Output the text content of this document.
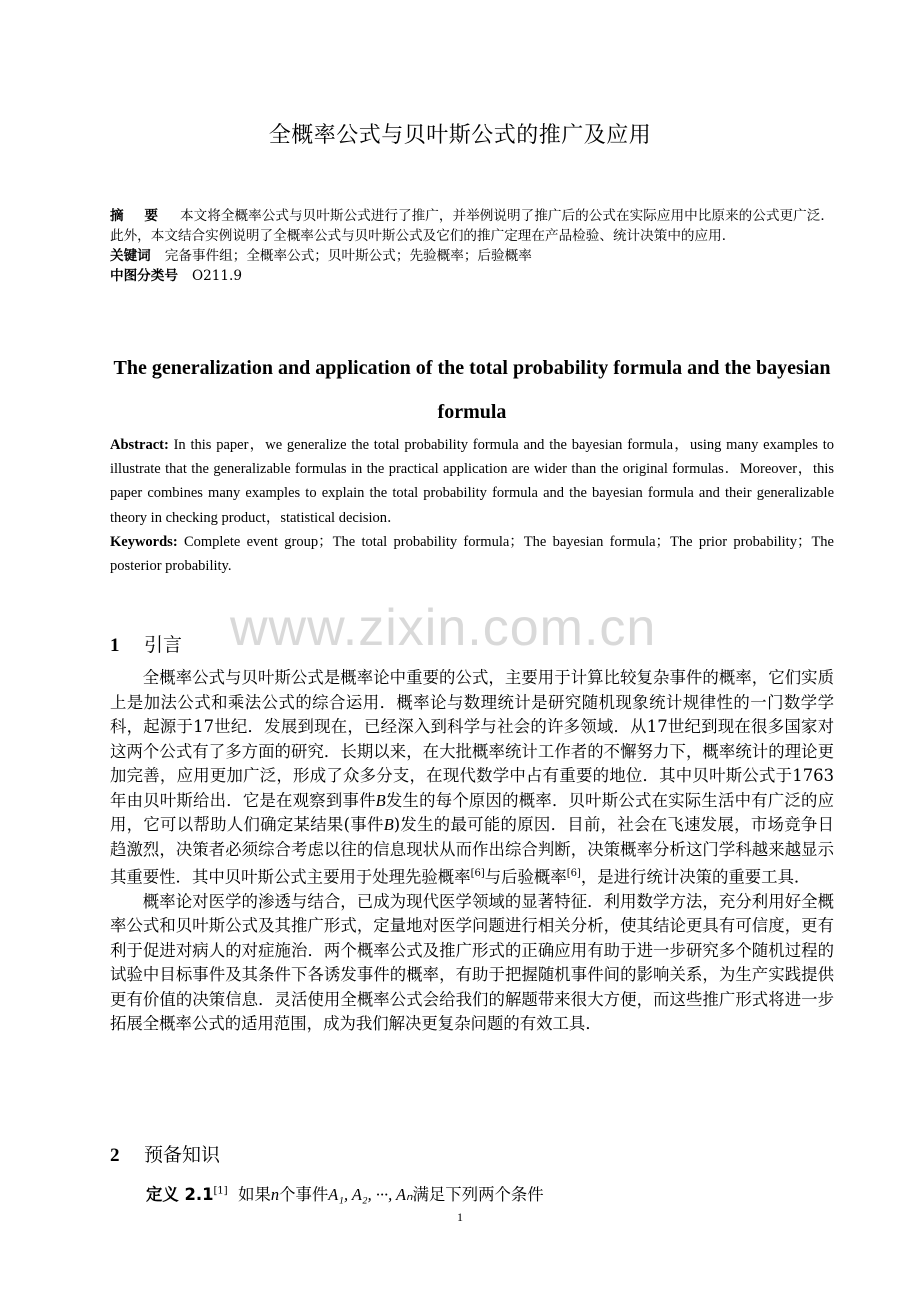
全概率公式与贝叶斯公式的推广及应用

摘 要 本文将全概率公式与贝叶斯公式进行了推广，并举例说明了推广后的公式在实际应用中比原来的公式更广泛．此外，本文结合实例说明了全概率公式与贝叶斯公式及它们的推广定理在产品检验、统计决策中的应用．

关键词 完备事件组；全概率公式；贝叶斯公式；先验概率；后验概率

中图分类号 O211.9

The generalization and application of the total probability formula and the bayesian formula

Abstract: In this paper，we generalize the total probability formula and the bayesian formula，using many examples to illustrate that the generalizable formulas in the practical application are wider than the original formulas．Moreover，this paper combines many examples to explain the total probability formula and the bayesian formula and their generalizable theory in checking product，statistical decision．

Keywords: Complete event group；The total probability formula；The bayesian formula；The prior probability；The posterior probability.

www.zixin.com.cn
1 引言

全概率公式与贝叶斯公式是概率论中重要的公式，主要用于计算比较复杂事件的概率，它们实质上是加法公式和乘法公式的综合运用．概率论与数理统计是研究随机现象统计规律性的一门数学学科，起源于17世纪．发展到现在，已经深入到科学与社会的许多领域．从17世纪到现在很多国家对这两个公式有了多方面的研究．长期以来，在大批概率统计工作者的不懈努力下，概率统计的理论更加完善，应用更加广泛，形成了众多分支，在现代数学中占有重要的地位．其中贝叶斯公式于1763年由贝叶斯给出．它是在观察到事件B发生的每个原因的概率．贝叶斯公式在实际生活中有广泛的应用，它可以帮助人们确定某结果(事件B)发生的最可能的原因．目前，社会在飞速发展，市场竞争日趋激烈，决策者必须综合考虑以往的信息现状从而作出综合判断，决策概率分析这门学科越来越显示其重要性．其中贝叶斯公式主要用于处理先验概率[6]与后验概率[6]，是进行统计决策的重要工具．

概率论对医学的渗透与结合，已成为现代医学领域的显著特征．利用数学方法，充分利用好全概率公式和贝叶斯公式及其推广形式，定量地对医学问题进行相关分析，使其结论更具有可信度，更有利于促进对病人的对症施治．两个概率公式及推广形式的正确应用有助于进一步研究多个随机过程的试验中目标事件及其条件下各诱发事件的概率，有助于把握随机事件间的影响关系，为生产实践提供更有价值的决策信息．灵活使用全概率公式会给我们的解题带来很大方便，而这些推广形式将进一步拓展全概率公式的适用范围，成为我们解决更复杂问题的有效工具．

2 预备知识
定义 2.1[1] 如果n个事件A₁, A₂, ···, Aₙ满足下列两个条件
1
